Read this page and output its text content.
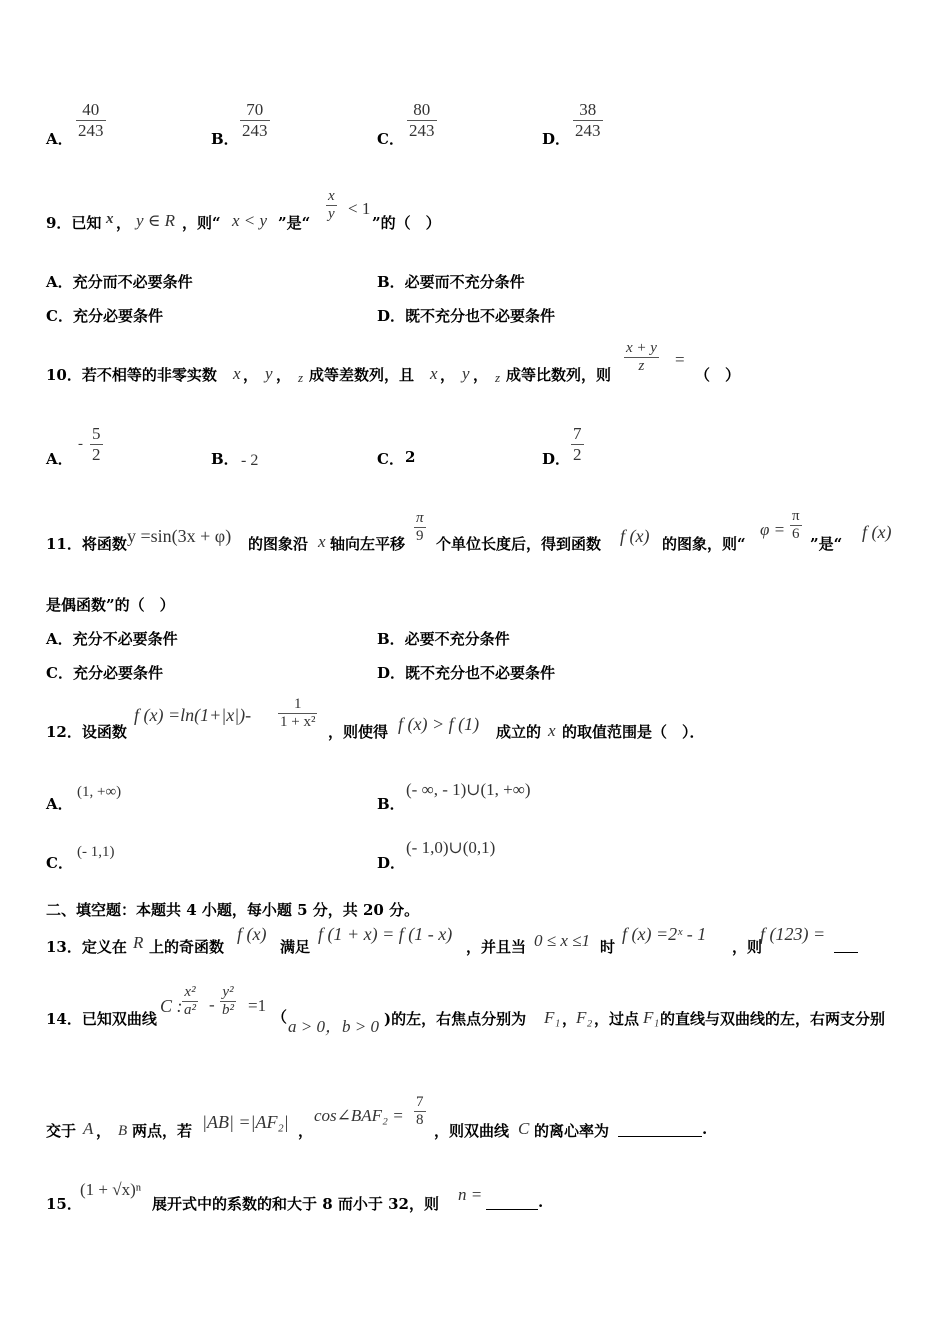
A． $\frac{40}{243}$	B． $\frac{70}{243}$	C． $\frac{80}{243}$	D． $\frac{38}{243}$
9．已知 x ， y ∈ R ，则“ x < y ”是“ $\frac{x}{y} < 1$
”的（　）
A．充分而不必要条件	B．必要而不充分条件
C．充分必要条件	D．既不充分也不必要条件
10．若不相等的非零实数 x ， y ， z 成等差数列，且 x ， y ， z 成等比数列，则 $\frac{x + y}{z}$ =
（　）
A．
- $\frac{5}{2}$	B． - 2	C． 2	D． $\frac{7}{2}$
11．将函数 y =sin(3x + φ) 的图象沿 x 轴向左平移 $\frac{\pi}{9}$ 个单位长度后，得到函数 f (x) 的图象，则“
$\varphi = \frac{\pi}{6}$
”是“
f (x)
是偶函数”的（　）
A．充分不必要条件	B．必要不充分条件
C．充分必要条件	D．既不充分也不必要条件
12．设函数
f $(x) =\ln(1+|x|)- \frac{1}{\text{1 + x²}}$
，则使得 f (x) > f (1) 成立的 x 的取值范围是（　）．
A．
(1, +∞)
B．
(- ∞, - 1)∪(1, +∞)
C．
(- 1,1)
D．
(- 1,0)∪(0,1)
二、填空题：本题共 4 小题，每小题 5 分，共 20 分。
13．定义在 R 上的奇函数
f (x)
满足
f (1 + x) = f (1 - x)
，并且当 0 ≤ x ≤1 时
f (x) =2ˣ - 1
，则
f (123) =
14．已知双曲线
C : $\frac{\text{x²}}{\text{a²}} - \frac{\text{y²}}{\text{b²}} =1$
（ a > 0，b > 0 )的左，右焦点分别为 F₁ ，
F₂ ，过点 F₁ 的直线与双曲线的左，右两支分别
交于 A ， B 两点，若 |AB| =|AF₂| ，
cos∠BAF₂ = $\frac{7}{8}$
，则双曲线 C 的离心率为	.
15．
(1 + √x)ⁿ
展开式中的系数的和大于 8 而小于 32，则 n =	.
